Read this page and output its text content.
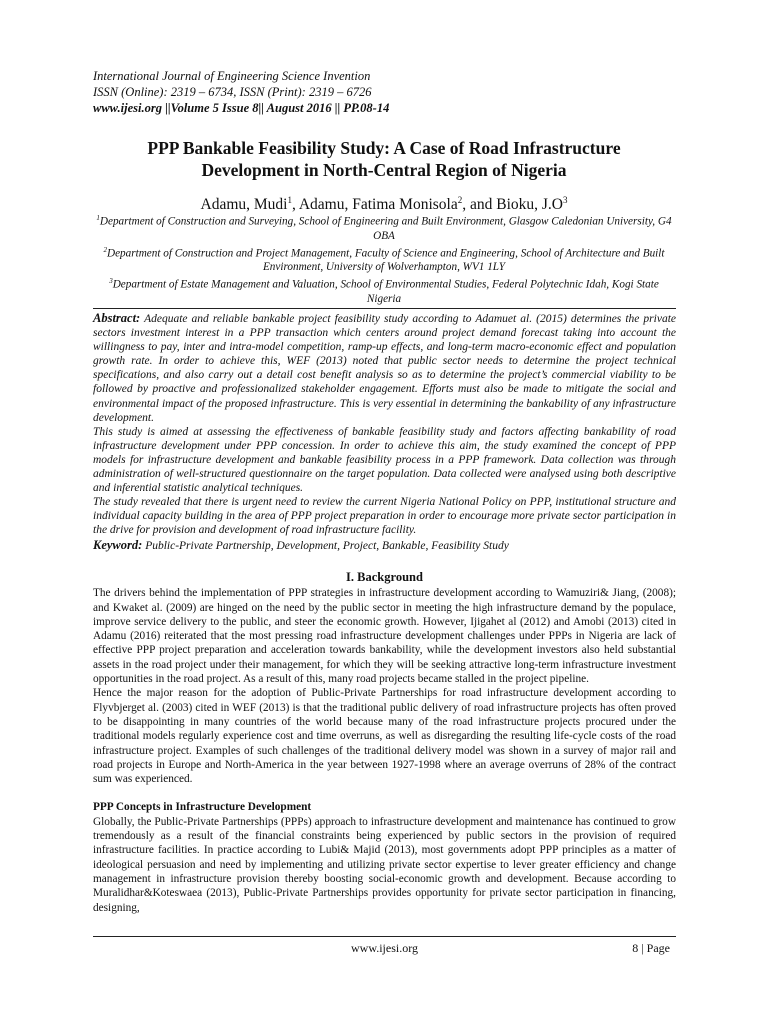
International Journal of Engineering Science Invention
ISSN (Online): 2319 – 6734, ISSN (Print): 2319 – 6726
www.ijesi.org ||Volume 5 Issue 8|| August 2016 || PP.08-14
PPP Bankable Feasibility Study: A Case of Road Infrastructure
Development in North-Central Region of Nigeria
Adamu, Mudi$^1$, Adamu, Fatima Monisola$^2$, and Bioku, $J.O^3$

$^1$Department of Construction and Surveying, School of Engineering and Built Environment, Glasgow Caledonian University, G4 OBA

$^2$Department of Construction and Project Management, Faculty of Science and Engineering, School of Architecture and Built Environment, University of Wolverhampton, WV1 1LY

$^3$Department of Estate Management and Valuation, School of Environmental Studies, Federal Polytechnic Idah, Kogi State Nigeria

Abstract: Adequate and reliable bankable project feasibility study according to Adamuet al. (2015) determines the private sectors investment interest in a PPP transaction which centers around project demand forecast taking into account the willingness to pay, inter and intra-model competition, ramp-up effects, and long-term macro-economic effect and population growth rate. In order to achieve this, WEF (2013) noted that public sector needs to determine the project technical specifications, and also carry out a detail cost benefit analysis so as to determine the project’s commercial viability to be followed by proactive and professionalized stakeholder engagement. Efforts must also be made to mitigate the social and environmental impact of the proposed infrastructure. This is very essential in determining the bankability of any infrastructure development.

This study is aimed at assessing the effectiveness of bankable feasibility study and factors affecting bankability of road infrastructure development under PPP concession. In order to achieve this aim, the study examined the concept of PPP models for infrastructure development and bankable feasibility process in a PPP framework. Data collection was through administration of well-structured questionnaire on the target population. Data collected were analysed using both descriptive and inferential statistic analytical techniques.

The study revealed that there is urgent need to review the current Nigeria National Policy on PPP, institutional structure and individual capacity building in the area of PPP project preparation in order to encourage more private sector participation in the drive for provision and development of road infrastructure facility.

Keyword: Public-Private Partnership, Development, Project, Bankable, Feasibility Study

I. Background

The drivers behind the implementation of PPP strategies in infrastructure development according to Wamuziri& Jiang, (2008); and Kwaket al. (2009) are hinged on the need by the public sector in meeting the high infrastructure demand by the populace, improve service delivery to the public, and steer the economic growth. However, Ijigahet al (2012) and Amobi (2013) cited in Adamu (2016) reiterated that the most pressing road infrastructure development challenges under PPPs in Nigeria are lack of effective PPP project preparation and acceleration towards bankability, while the development investors also held substantial assets in the road project under their management, for which they will be seeking attractive long-term infrastructure investment opportunities in the road project. As a result of this, many road projects became stalled in the project pipeline.

Hence the major reason for the adoption of Public-Private Partnerships for road infrastructure development according to Flyvbjerget al. (2003) cited in WEF (2013) is that the traditional public delivery of road infrastructure projects has often proved to be disappointing in many countries of the world because many of the road infrastructure projects procured under the traditional models regularly experience cost and time overruns, as well as disregarding the resulting life-cycle costs of the road infrastructure project. Examples of such challenges of the traditional delivery model was shown in a survey of major rail and road projects in Europe and North-America in the year between 1927-1998 where an average overruns of 28% of the contract sum was experienced.

PPP Concepts in Infrastructure Development

Globally, the Public-Private Partnerships (PPPs) approach to infrastructure development and maintenance has continued to grow tremendously as a result of the financial constraints being experienced by public sectors in the provision of required infrastructure facilities. In practice according to Lubi& Majid (2013), most governments adopt PPP principles as a matter of ideological persuasion and need by implementing and utilizing private sector expertise to lever greater efficiency and change management in infrastructure provision thereby boosting social-economic growth and development. Because according to Muralidhar&Koteswaea (2013), Public-Private Partnerships provides opportunity for private sector participation in financing, designing,

www.ijesi.org	8 | Page
